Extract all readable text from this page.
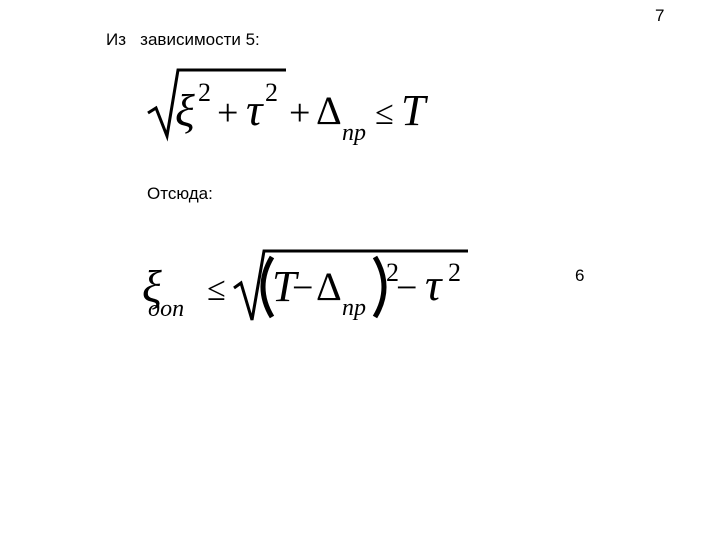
7
Из   зависимости 5:
Отсюда:
6
ξ 2 + τ 2 + Δ пр
≤ T
ξ
доп
≤ T
− Δ пр
2
− τ 2
